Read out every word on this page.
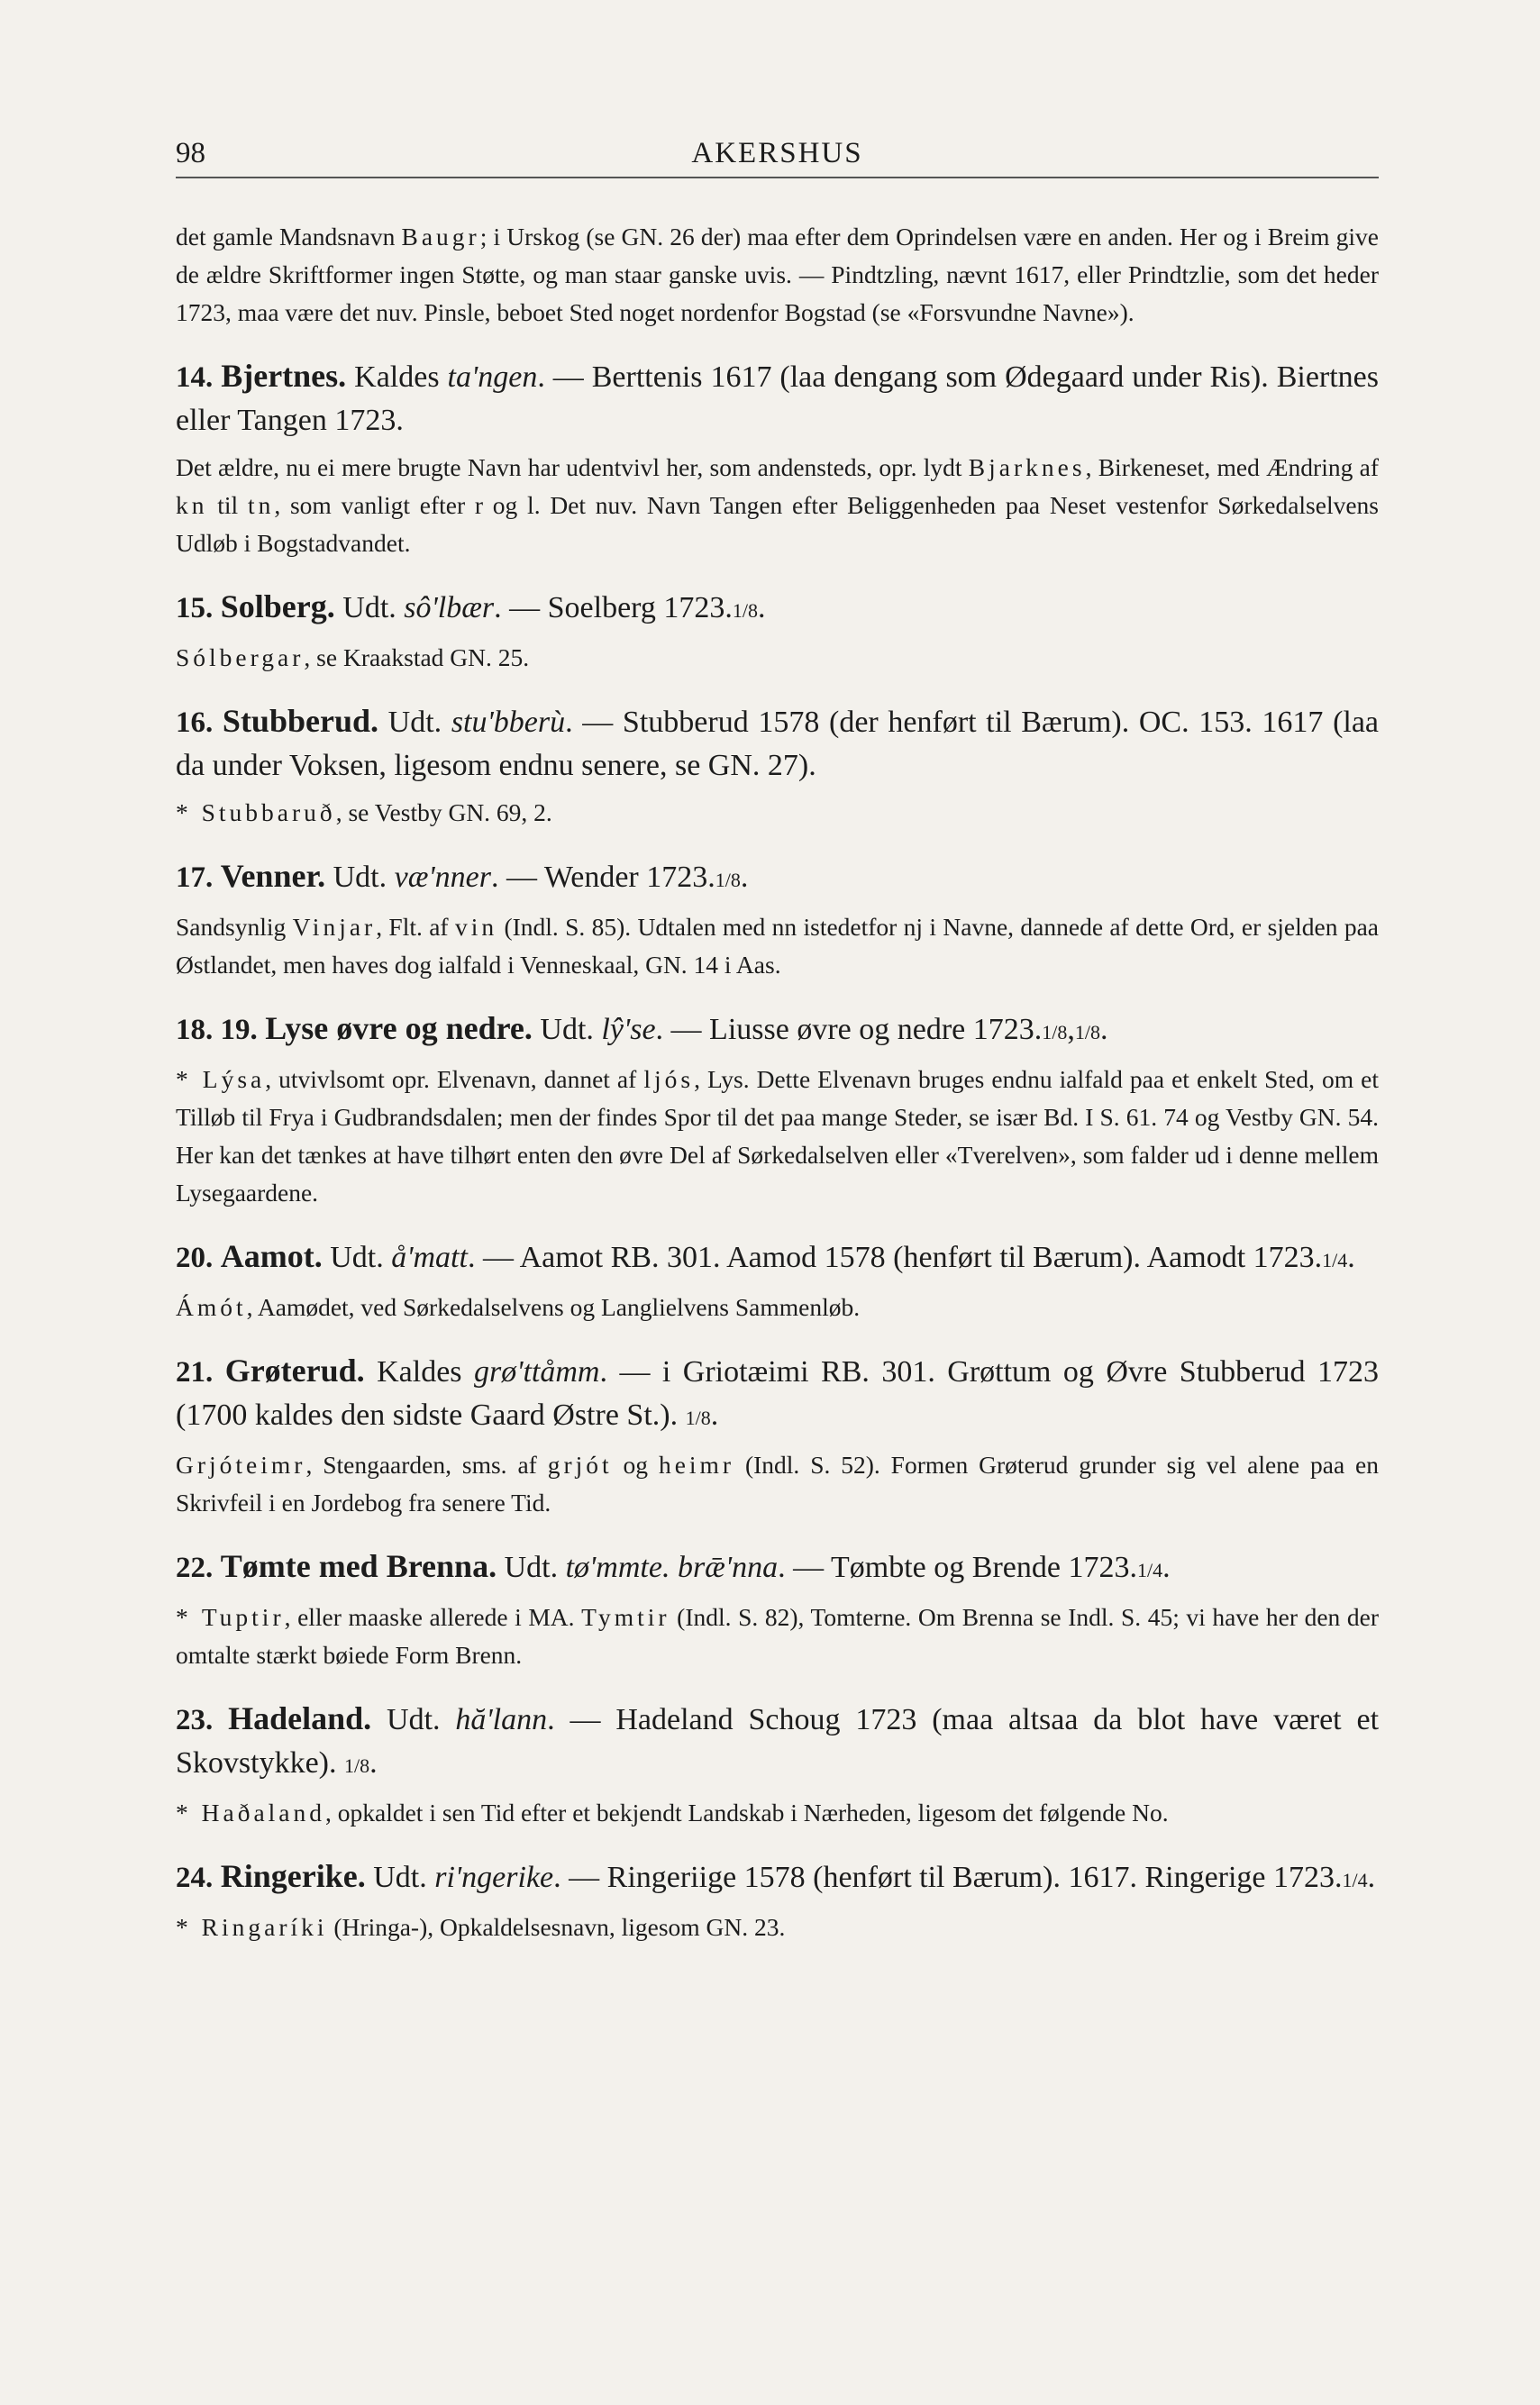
98	AKERSHUS

det gamle Mandsnavn Baugr; i Urskog (se GN. 26 der) maa efter dem Oprindelsen være en anden. Her og i Breim give de ældre Skriftformer ingen Støtte, og man staar ganske uvis. — Pindtzling, nævnt 1617, eller Prindtzlie, som det heder 1723, maa være det nuv. Pinsle, beboet Sted noget nordenfor Bogstad (se «Forsvundne Navne»).

14. Bjertnes. Kaldes ta'ngen. — Berttenis 1617 (laa dengang som Ødegaard under Ris). Biertnes eller Tangen 1723.

Det ældre, nu ei mere brugte Navn har udentvivl her, som andensteds, opr. lydt Bjarknes, Birkeneset, med Ændring af kn til tn, som vanligt efter r og l. Det nuv. Navn Tangen efter Beliggenheden paa Neset vestenfor Sørkedalselvens Udløb i Bogstadvandet.

15. Solberg. Udt. sô'lbær. — Soelberg 1723.1/8.

Sólbergar, se Kraakstad GN. 25.

16. Stubberud. Udt. stu'bberù. — Stubberud 1578 (der henført til Bærum). OC. 153. 1617 (laa da under Voksen, ligesom endnu senere, se GN. 27).

* Stubbaruð, se Vestby GN. 69, 2.

17. Venner. Udt. væ'nner. — Wender 1723.1/8.

Sandsynlig Vinjar, Flt. af vin (Indl. S. 85). Udtalen med nn istedetfor nj i Navne, dannede af dette Ord, er sjelden paa Østlandet, men haves dog ialfald i Venneskaal, GN. 14 i Aas.

18. 19. Lyse øvre og nedre. Udt. lŷ'se. — Liusse øvre og nedre 1723.1/8,1/8.

* Lýsa, utvivlsomt opr. Elvenavn, dannet af ljós, Lys. Dette Elvenavn bruges endnu ialfald paa et enkelt Sted, om et Tilløb til Frya i Gudbrandsdalen; men der findes Spor til det paa mange Steder, se især Bd. I S. 61. 74 og Vestby GN. 54. Her kan det tænkes at have tilhørt enten den øvre Del af Sørkedalselven eller «Tverelven», som falder ud i denne mellem Lysegaardene.

20. Aamot. Udt. å'matt. — Aamot RB. 301. Aamod 1578 (henført til Bærum). Aamodt 1723.1/4.

Ámót, Aamødet, ved Sørkedalselvens og Langlielvens Sammenløb.

21. Grøterud. Kaldes grø'ttåmm. — i Griotæimi RB. 301. Grøttum og Øvre Stubberud 1723 (1700 kaldes den sidste Gaard Østre St.). 1/8.

Grjóteimr, Stengaarden, sms. af grjót og heimr (Indl. S. 52). Formen Grøterud grunder sig vel alene paa en Skrivfeil i en Jordebog fra senere Tid.

22. Tømte med Brenna. Udt. tø'mmte. brǣ'nna. — Tømbte og Brende 1723.1/4.

* Tuptir, eller maaske allerede i MA. Tymtir (Indl. S. 82), Tomterne. Om Brenna se Indl. S. 45; vi have her den der omtalte stærkt bøiede Form Brenn.

23. Hadeland. Udt. hă'lann. — Hadeland Schoug 1723 (maa altsaa da blot have været et Skovstykke). 1/8.

* Haðaland, opkaldet i sen Tid efter et bekjendt Landskab i Nærheden, ligesom det følgende No.

24. Ringerike. Udt. ri'ngerike. — Ringeriige 1578 (henført til Bærum). 1617. Ringerige 1723.1/4.

* Ringaríki (Hringa-), Opkaldelsesnavn, ligesom GN. 23.
